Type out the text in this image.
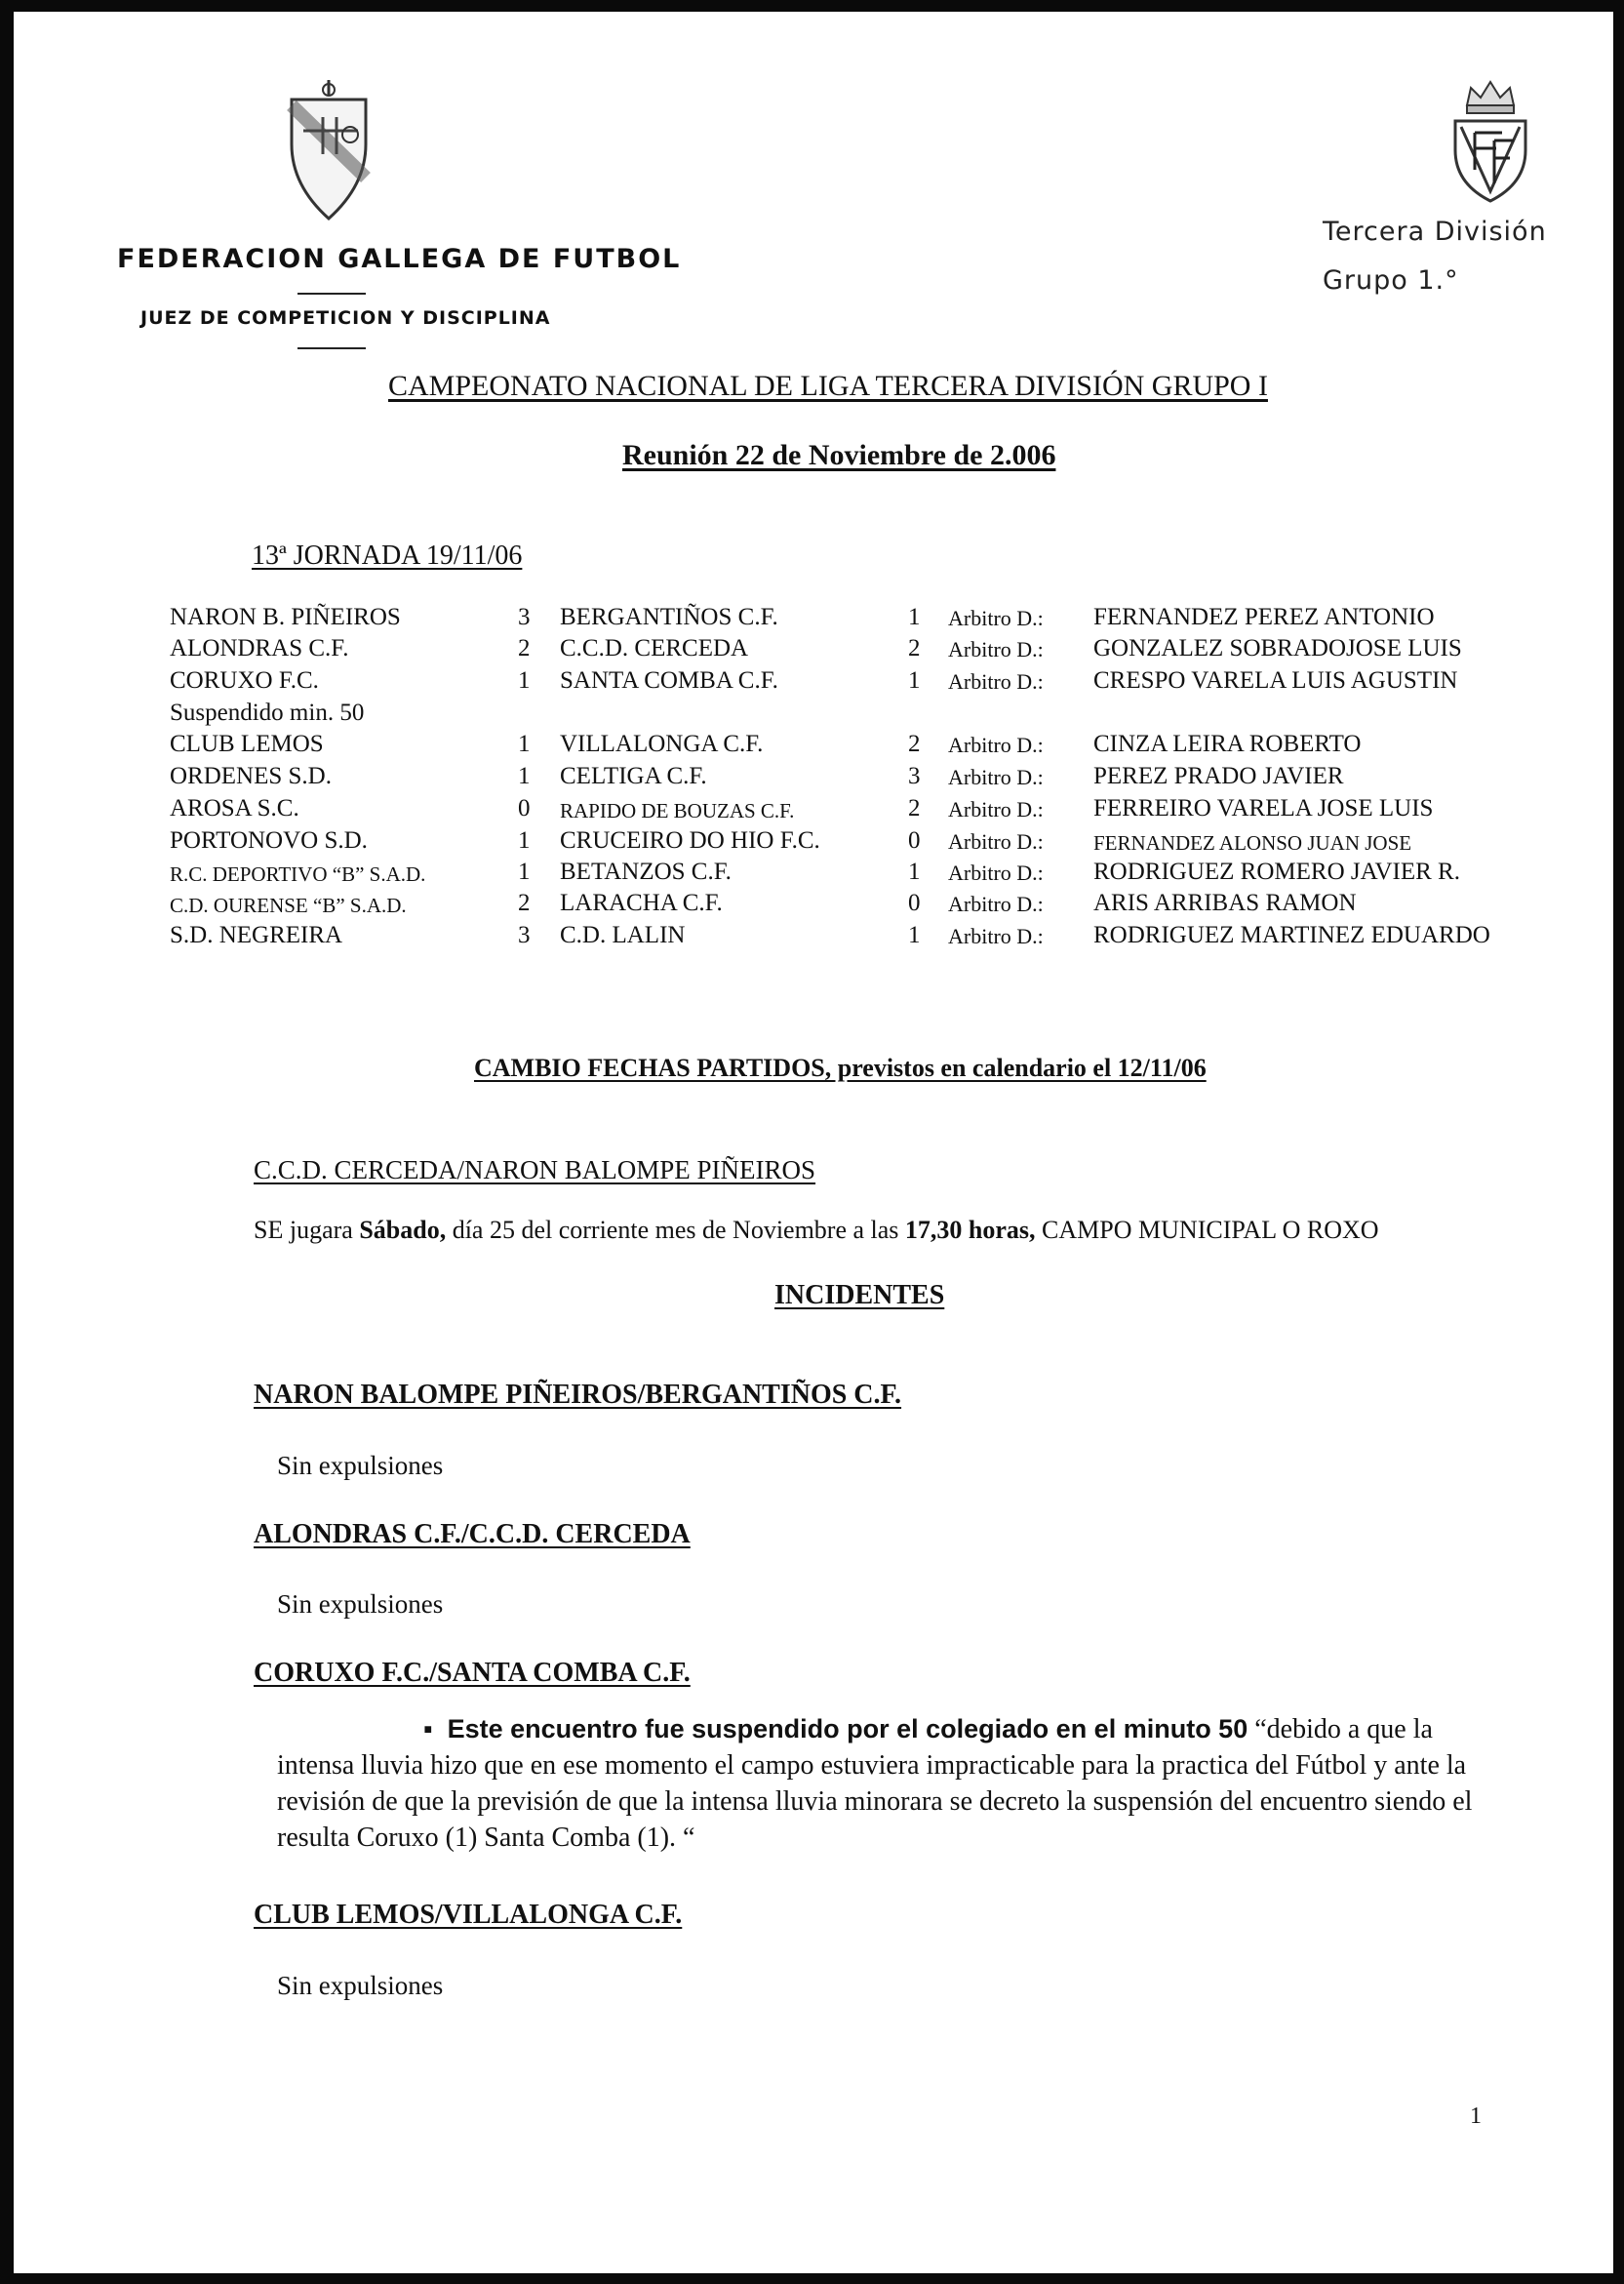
FEDERACION GALLEGA DE FUTBOL
JUEZ DE COMPETICION Y DISCIPLINA
Tercera División
Grupo 1.°
CAMPEONATO NACIONAL DE LIGA TERCERA DIVISIÓN GRUPO I
Reunión 22 de Noviembre de 2.006
13ª JORNADA 19/11/06
NARON B. PIÑEIROS	3 BERGANTIÑOS C.F.	1 Arbitro D.: FERNANDEZ PEREZ ANTONIO
ALONDRAS C.F.	2 C.C.D. CERCEDA	2 Arbitro D.: GONZALEZ SOBRADOJOSE LUIS
CORUXO F.C.	1 SANTA COMBA C.F.	1 Arbitro D.: CRESPO VARELA LUIS AGUSTIN
Suspendido min. 50
CLUB LEMOS	1 VILLALONGA C.F.	2 Arbitro D.: CINZA LEIRA ROBERTO
ORDENES S.D.	1 CELTIGA C.F.	3 Arbitro D.: PEREZ PRADO JAVIER
AROSA S.C.	0 RAPIDO DE BOUZAS C.F.	2 Arbitro D.: FERREIRO VARELA JOSE LUIS
PORTONOVO S.D.	1 CRUCEIRO DO HIO F.C.	0 Arbitro D.: FERNANDEZ ALONSO JUAN JOSE
R.C. DEPORTIVO “B” S.A.D.	1 BETANZOS C.F.	1 Arbitro D.: RODRIGUEZ ROMERO JAVIER R.
C.D. OURENSE “B” S.A.D.	2 LARACHA C.F.	0 Arbitro D.: ARIS ARRIBAS RAMON
S.D. NEGREIRA	3 C.D. LALIN	1 Arbitro D.: RODRIGUEZ MARTINEZ EDUARDO
CAMBIO FECHAS PARTIDOS, previstos en calendario el 12/11/06
C.C.D. CERCEDA/NARON BALOMPE PIÑEIROS
SE jugara Sábado, día 25 del corriente mes de Noviembre a las 17,30 horas, CAMPO MUNICIPAL O ROXO
INCIDENTES
NARON BALOMPE PIÑEIROS/BERGANTIÑOS C.F.
Sin expulsiones
ALONDRAS C.F./C.C.D. CERCEDA
Sin expulsiones
CORUXO F.C./SANTA COMBA C.F.
▪  Este encuentro fue suspendido por el colegiado en el minuto 50 “debido a que la intensa lluvia hizo que en ese momento el campo estuviera impracticable para la practica del Fútbol y ante la revisión de que la previsión de que la intensa lluvia minorara se decreto la suspensión del encuentro siendo el resulta Coruxo (1) Santa Comba (1). “
CLUB LEMOS/VILLALONGA C.F.
Sin expulsiones
1
